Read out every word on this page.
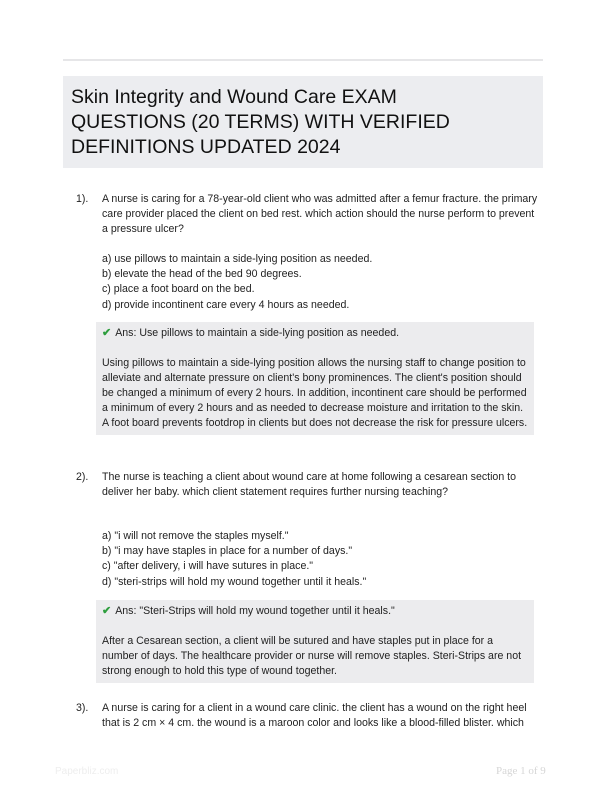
Skin Integrity and Wound Care EXAM
QUESTIONS (20 TERMS) WITH VERIFIED
DEFINITIONS UPDATED 2024
1). A nurse is caring for a 78-year-old client who was admitted after a femur fracture. the primary care provider placed the client on bed rest. which action should the nurse perform to prevent a pressure ulcer?
a) use pillows to maintain a side-lying position as needed.
b) elevate the head of the bed 90 degrees.
c) place a foot board on the bed.
d) provide incontinent care every 4 hours as needed.
✔ Ans: Use pillows to maintain a side-lying position as needed.
Using pillows to maintain a side-lying position allows the nursing staff to change position to alleviate and alternate pressure on client's bony prominences. The client's position should be changed a minimum of every 2 hours. In addition, incontinent care should be performed a minimum of every 2 hours and as needed to decrease moisture and irritation to the skin. A foot board prevents footdrop in clients but does not decrease the risk for pressure ulcers.
2). The nurse is teaching a client about wound care at home following a cesarean section to deliver her baby. which client statement requires further nursing teaching?
a) "i will not remove the staples myself."
b) "i may have staples in place for a number of days."
c) "after delivery, i will have sutures in place."
d) "steri-strips will hold my wound together until it heals."
✔ Ans: "Steri-Strips will hold my wound together until it heals."
After a Cesarean section, a client will be sutured and have staples put in place for a number of days. The healthcare provider or nurse will remove staples. Steri-Strips are not strong enough to hold this type of wound together.
3). A nurse is caring for a client in a wound care clinic. the client has a wound on the right heel that is 2 cm × 4 cm. the wound is a maroon color and looks like a blood-filled blister. which
Paperbliz.com	Page 1 of 9
